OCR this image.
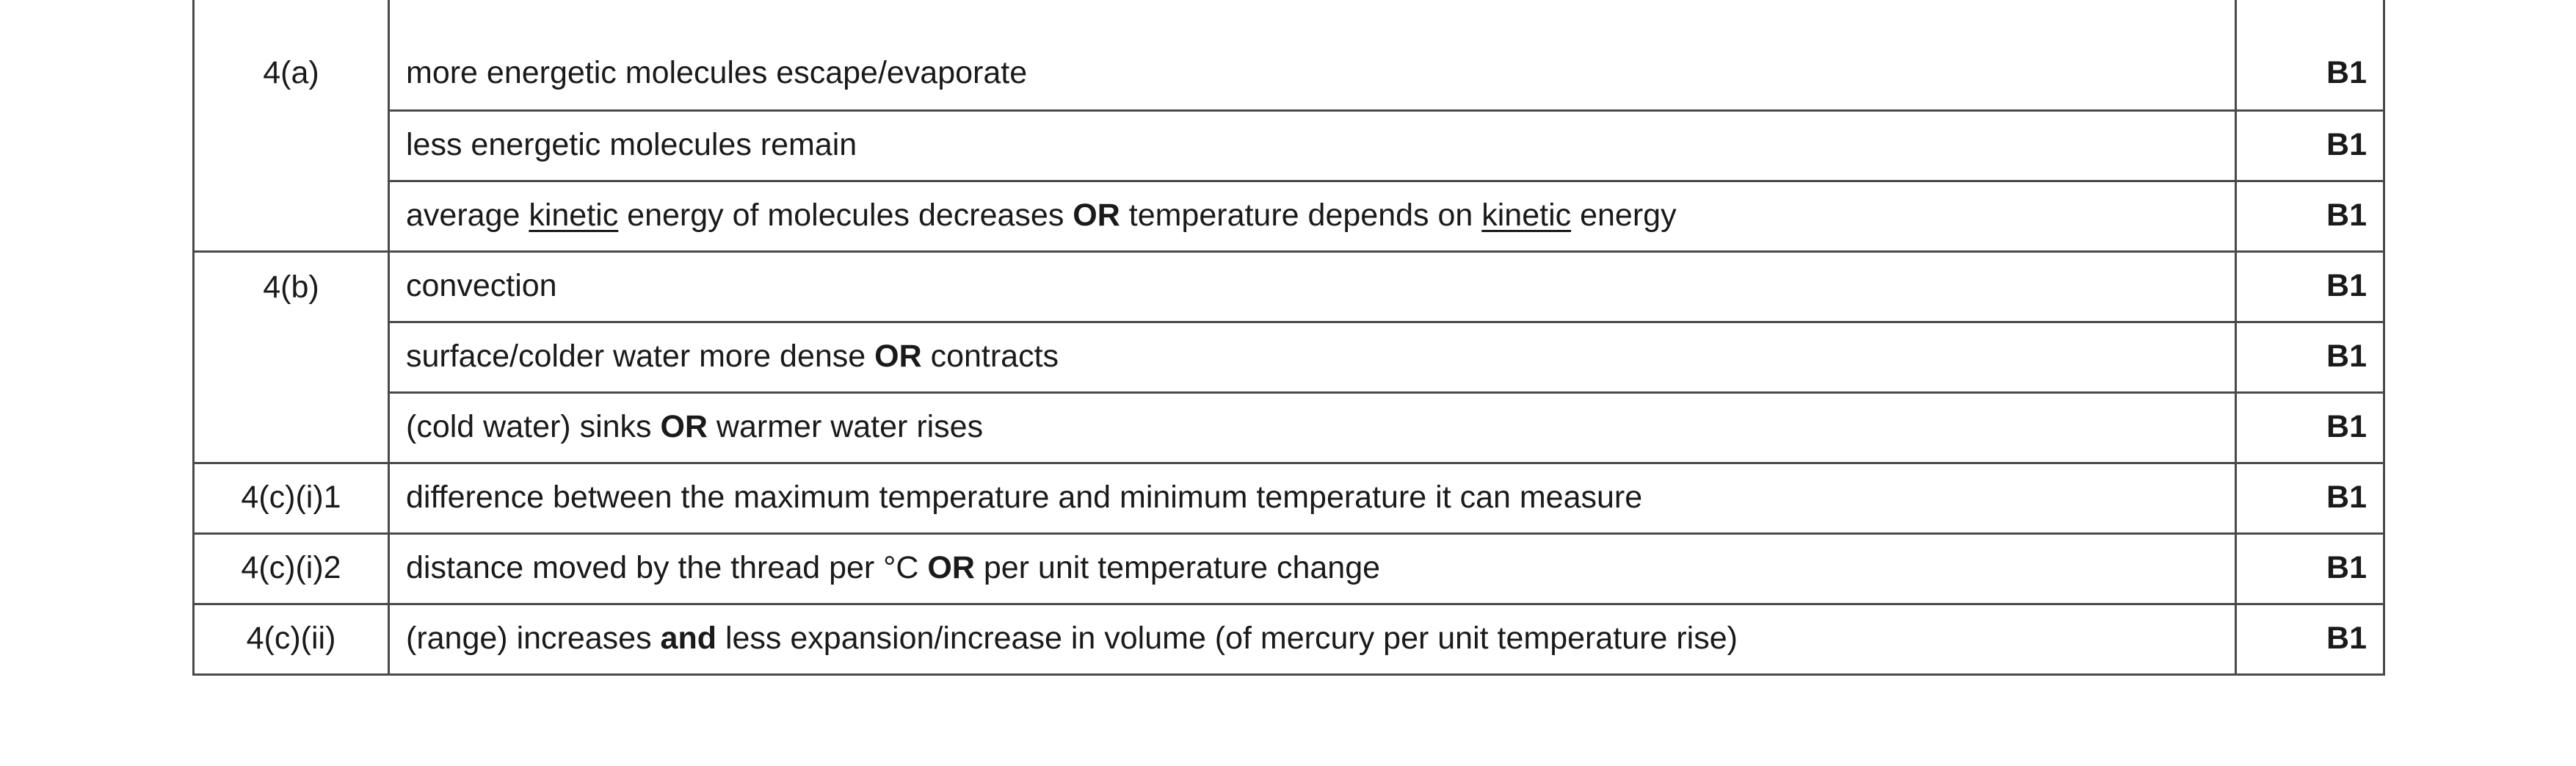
4(a)	more energetic molecules escape/evaporate	B1
	less energetic molecules remain	B1
	average kinetic energy of molecules decreases OR temperature depends on kinetic energy	B1
4(b)	convection	B1
	surface/colder water more dense OR contracts	B1
	(cold water) sinks OR warmer water rises	B1
4(c)(i)1	difference between the maximum temperature and minimum temperature it can measure	B1
4(c)(i)2	distance moved by the thread per °C OR per unit temperature change	B1
4(c)(ii)	(range) increases and less expansion/increase in volume (of mercury per unit temperature rise)	B1
